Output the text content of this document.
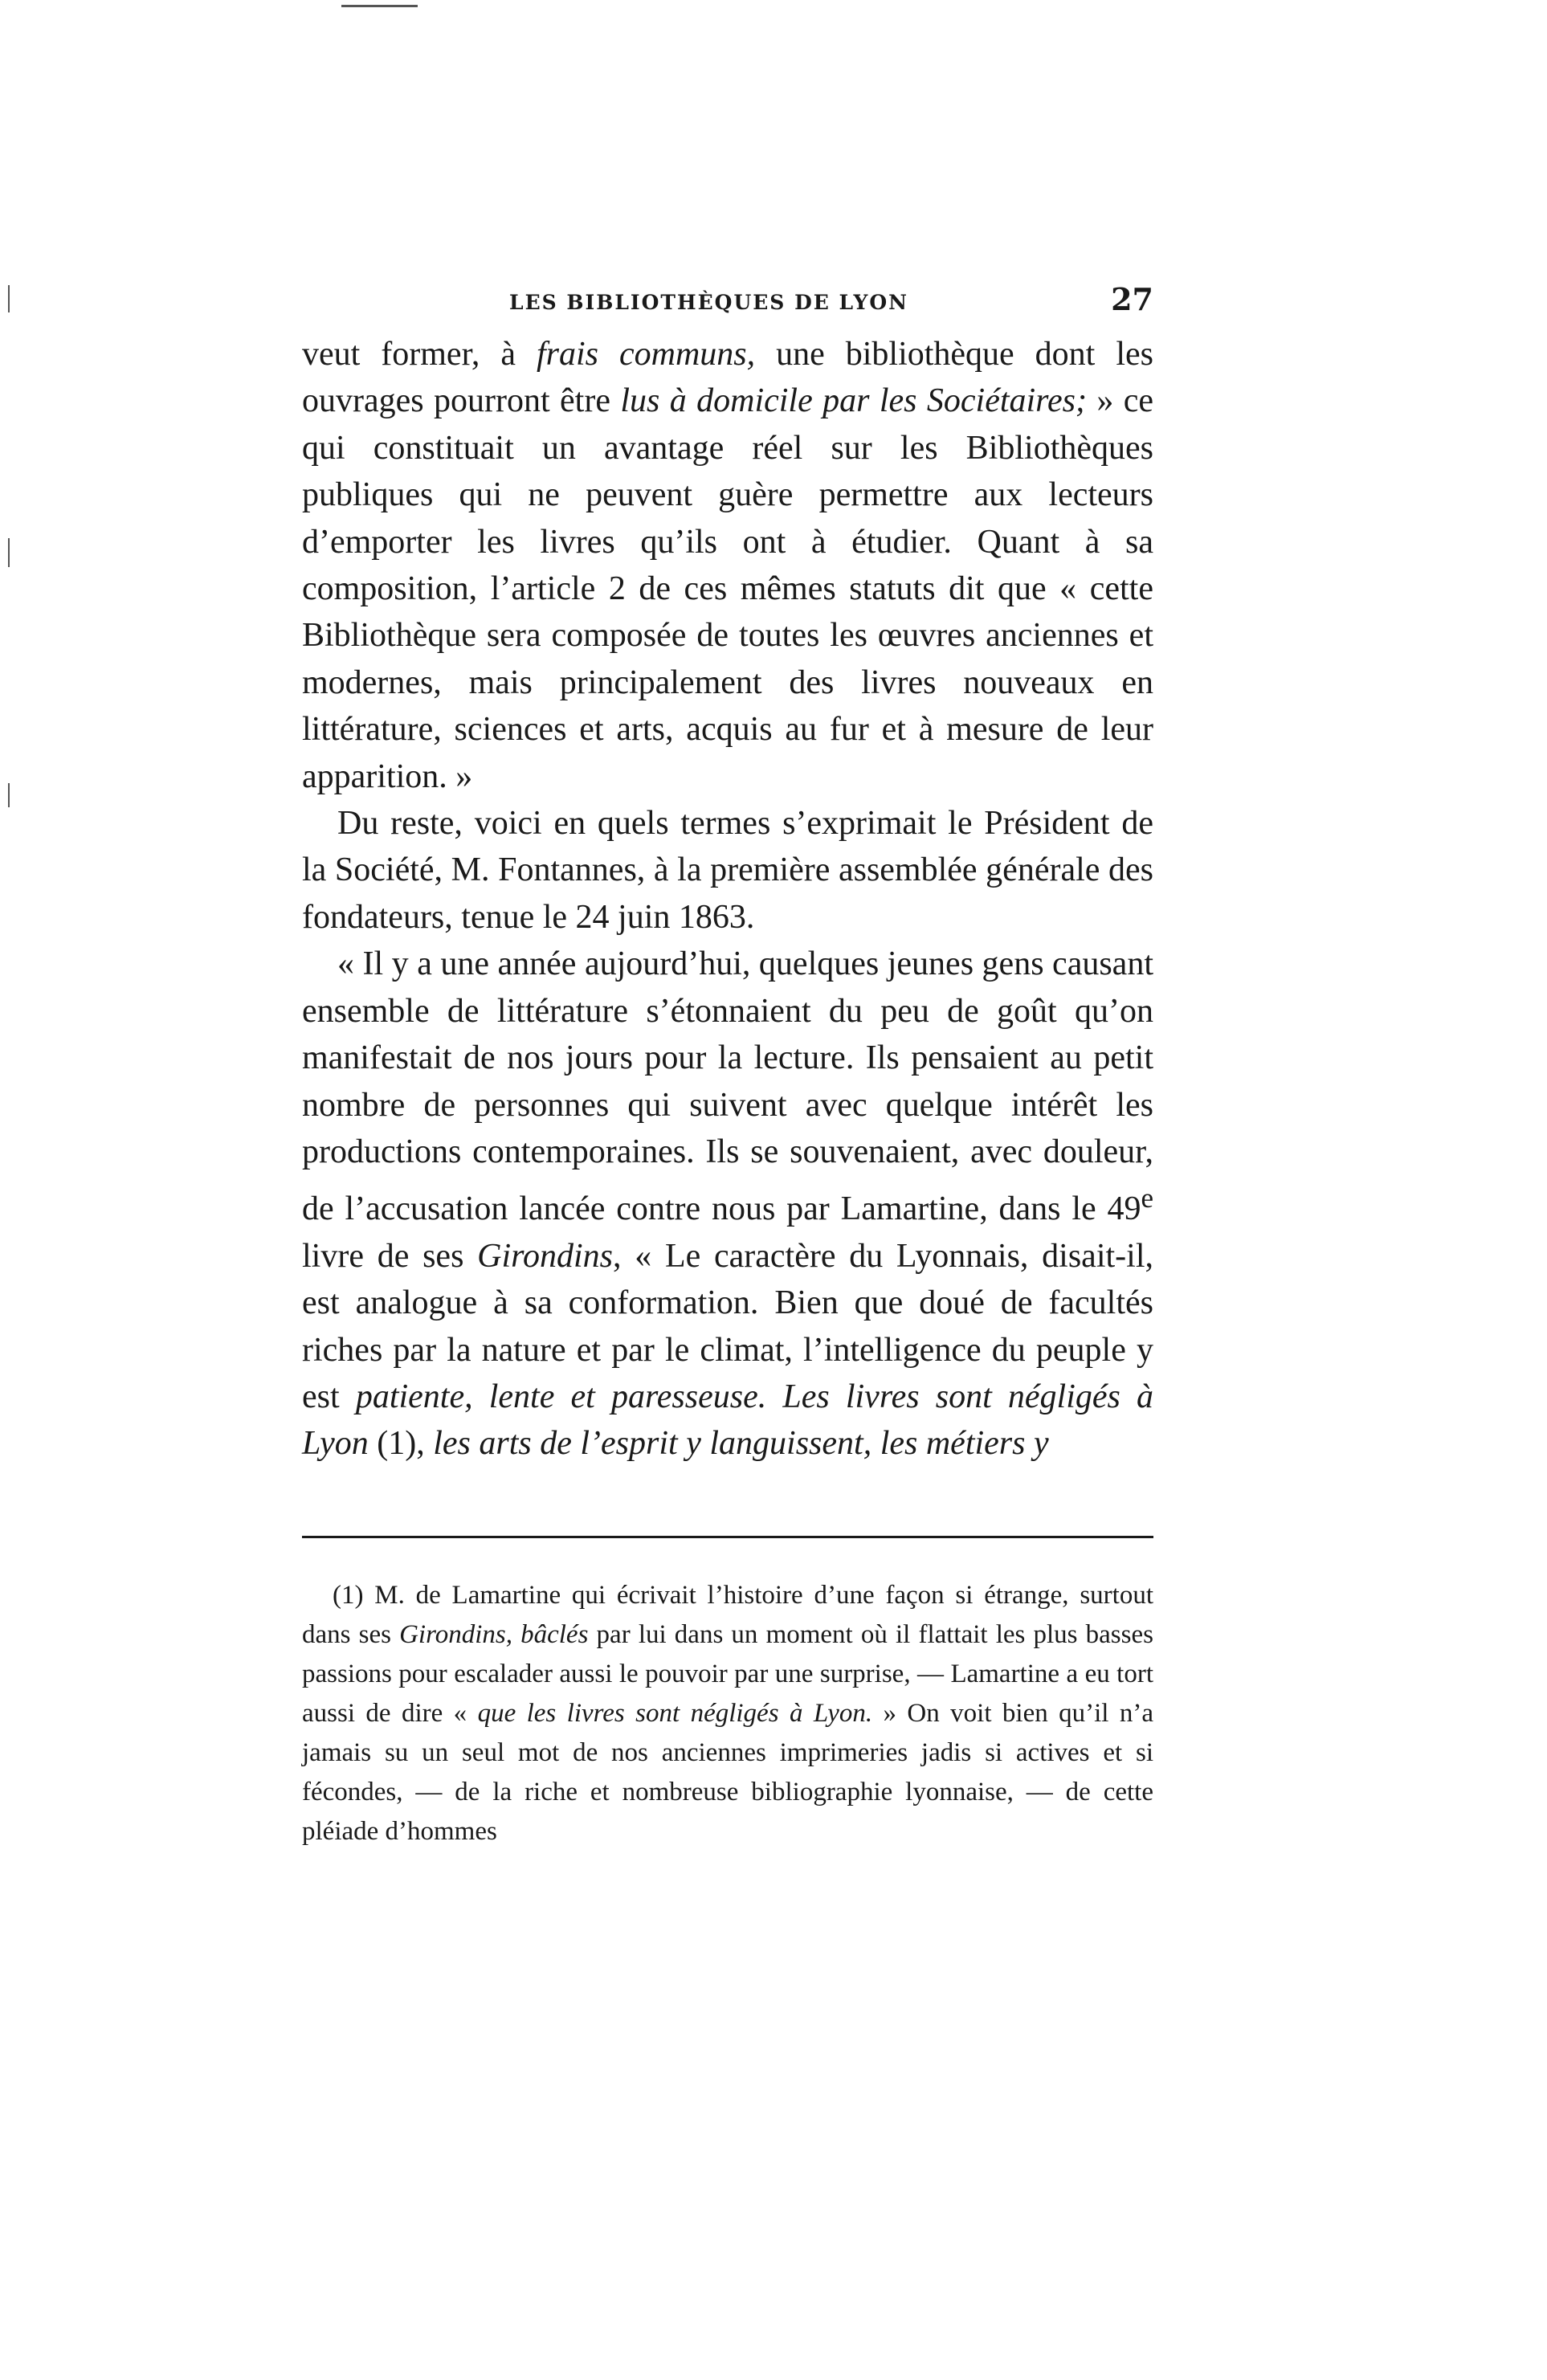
LES BIBLIOTHÈQUES DE LYON	27

veut former, à frais communs, une bibliothèque dont les ouvrages pourront être lus à domicile par les Sociétaires; » ce qui constituait un avantage réel sur les Bibliothèques publiques qui ne peuvent guère permettre aux lecteurs d’emporter les livres qu’ils ont à étudier. Quant à sa composition, l’article 2 de ces mêmes statuts dit que « cette Bibliothèque sera composée de toutes les œuvres anciennes et modernes, mais principalement des livres nouveaux en littérature, sciences et arts, acquis au fur et à mesure de leur apparition. »

Du reste, voici en quels termes s’exprimait le Président de la Société, M. Fontannes, à la première assemblée générale des fondateurs, tenue le 24 juin 1863.

« Il y a une année aujourd’hui, quelques jeunes gens causant ensemble de littérature s’étonnaient du peu de goût qu’on manifestait de nos jours pour la lecture. Ils pensaient au petit nombre de personnes qui suivent avec quelque intérêt les productions contemporaines. Ils se souvenaient, avec douleur, de l’accusation lancée contre nous par Lamartine, dans le 49e livre de ses Girondins, « Le caractère du Lyonnais, disait-il, est analogue à sa conformation. Bien que doué de facultés riches par la nature et par le climat, l’intelligence du peuple y est patiente, lente et paresseuse. Les livres sont négligés à Lyon (1), les arts de l’esprit y languissent, les métiers y

(1) M. de Lamartine qui écrivait l’histoire d’une façon si étrange, surtout dans ses Girondins, bâclés par lui dans un moment où il flattait les plus basses passions pour escalader aussi le pouvoir par une surprise, — Lamartine a eu tort aussi de dire « que les livres sont négligés à Lyon. » On voit bien qu’il n’a jamais su un seul mot de nos anciennes imprimeries jadis si actives et si fécondes, — de la riche et nombreuse bibliographie lyonnaise, — de cette pléiade d’hommes
